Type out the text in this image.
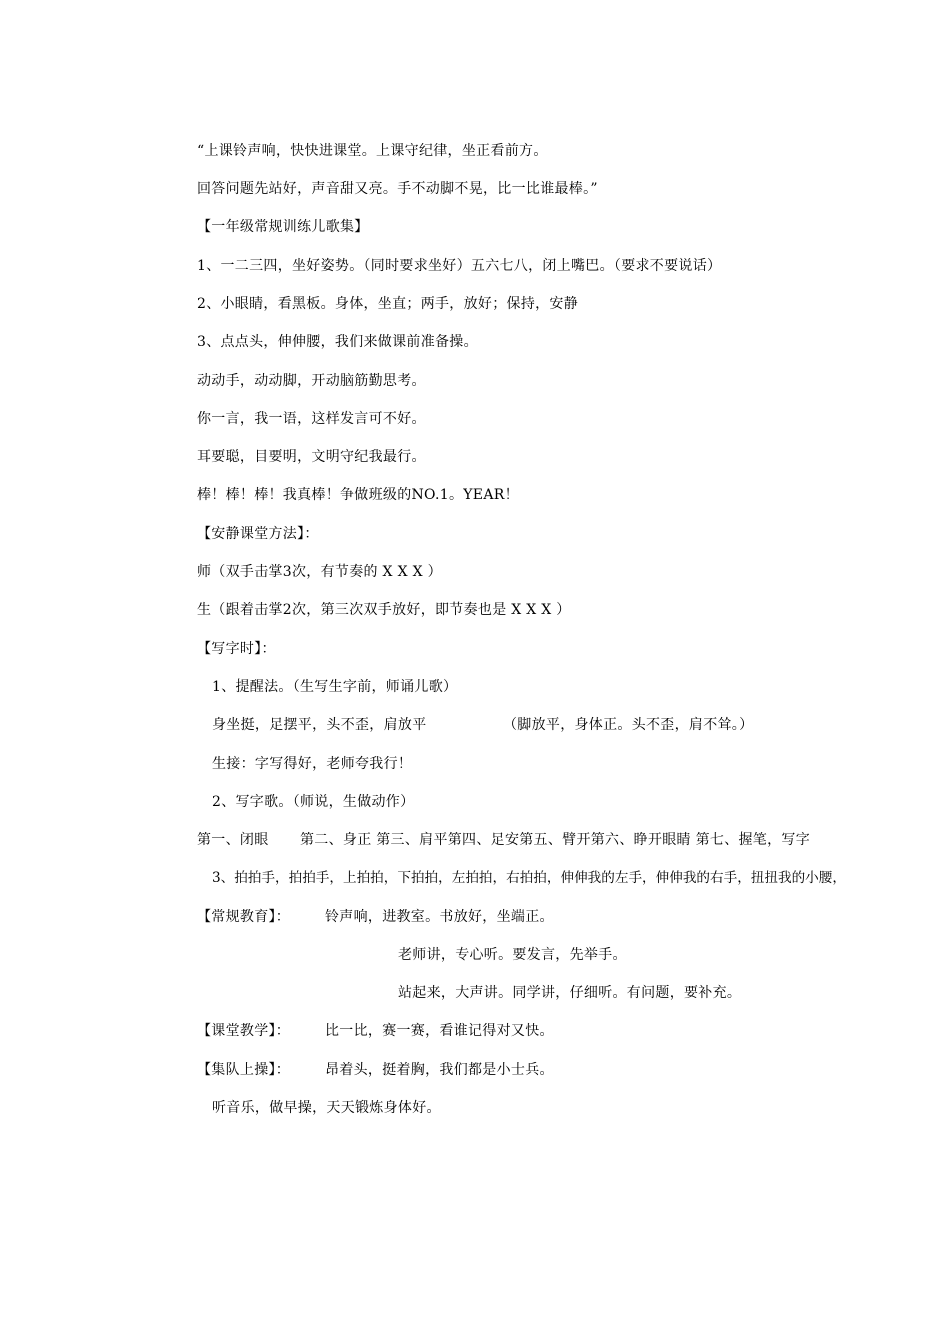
“上课铃声响，快快进课堂。上课守纪律，坐正看前方。
回答问题先站好，声音甜又亮。手不动脚不晃，比一比谁最棒。”
【一年级常规训练儿歌集】
1、一二三四，坐好姿势。（同时要求坐好）五六七八，闭上嘴巴。（要求不要说话）
2、小眼睛，看黑板。身体，坐直；两手，放好；保持，安静
3、点点头，伸伸腰，我们来做课前准备操。
动动手，动动脚，开动脑筋勤思考。
你一言，我一语，这样发言可不好。
耳要聪，目要明，文明守纪我最行。
棒！棒！棒！我真棒！争做班级的NO.1。YEAR！
【安静课堂方法】：
师（双手击掌3次，有节奏的 X X X ）
生（跟着击掌2次，第三次双手放好，即节奏也是 X X X ）
【写字时】：
1、提醒法。（生写生字前，师诵儿歌）
身坐挺，足摆平，头不歪，肩放平	（脚放平，身体正。头不歪，肩不耸。）
生接：字写得好，老师夸我行！
2、写字歌。（师说，生做动作）
第一、闭眼 第二、身正 第三、肩平第四、足安第五、臂开第六、睁开眼睛 第七、握笔，写字
3、拍拍手，拍拍手，上拍拍，下拍拍，左拍拍，右拍拍，伸伸我的左手，伸伸我的右手，扭扭我的小腰，
【常规教育】： 铃声响，进教室。书放好，坐端正。
老师讲，专心听。要发言，先举手。
站起来，大声讲。同学讲，仔细听。有问题，要补充。
【课堂教学】： 比一比，赛一赛，看谁记得对又快。
【集队上操】： 昂着头，挺着胸，我们都是小士兵。
听音乐，做早操，天天锻炼身体好。
